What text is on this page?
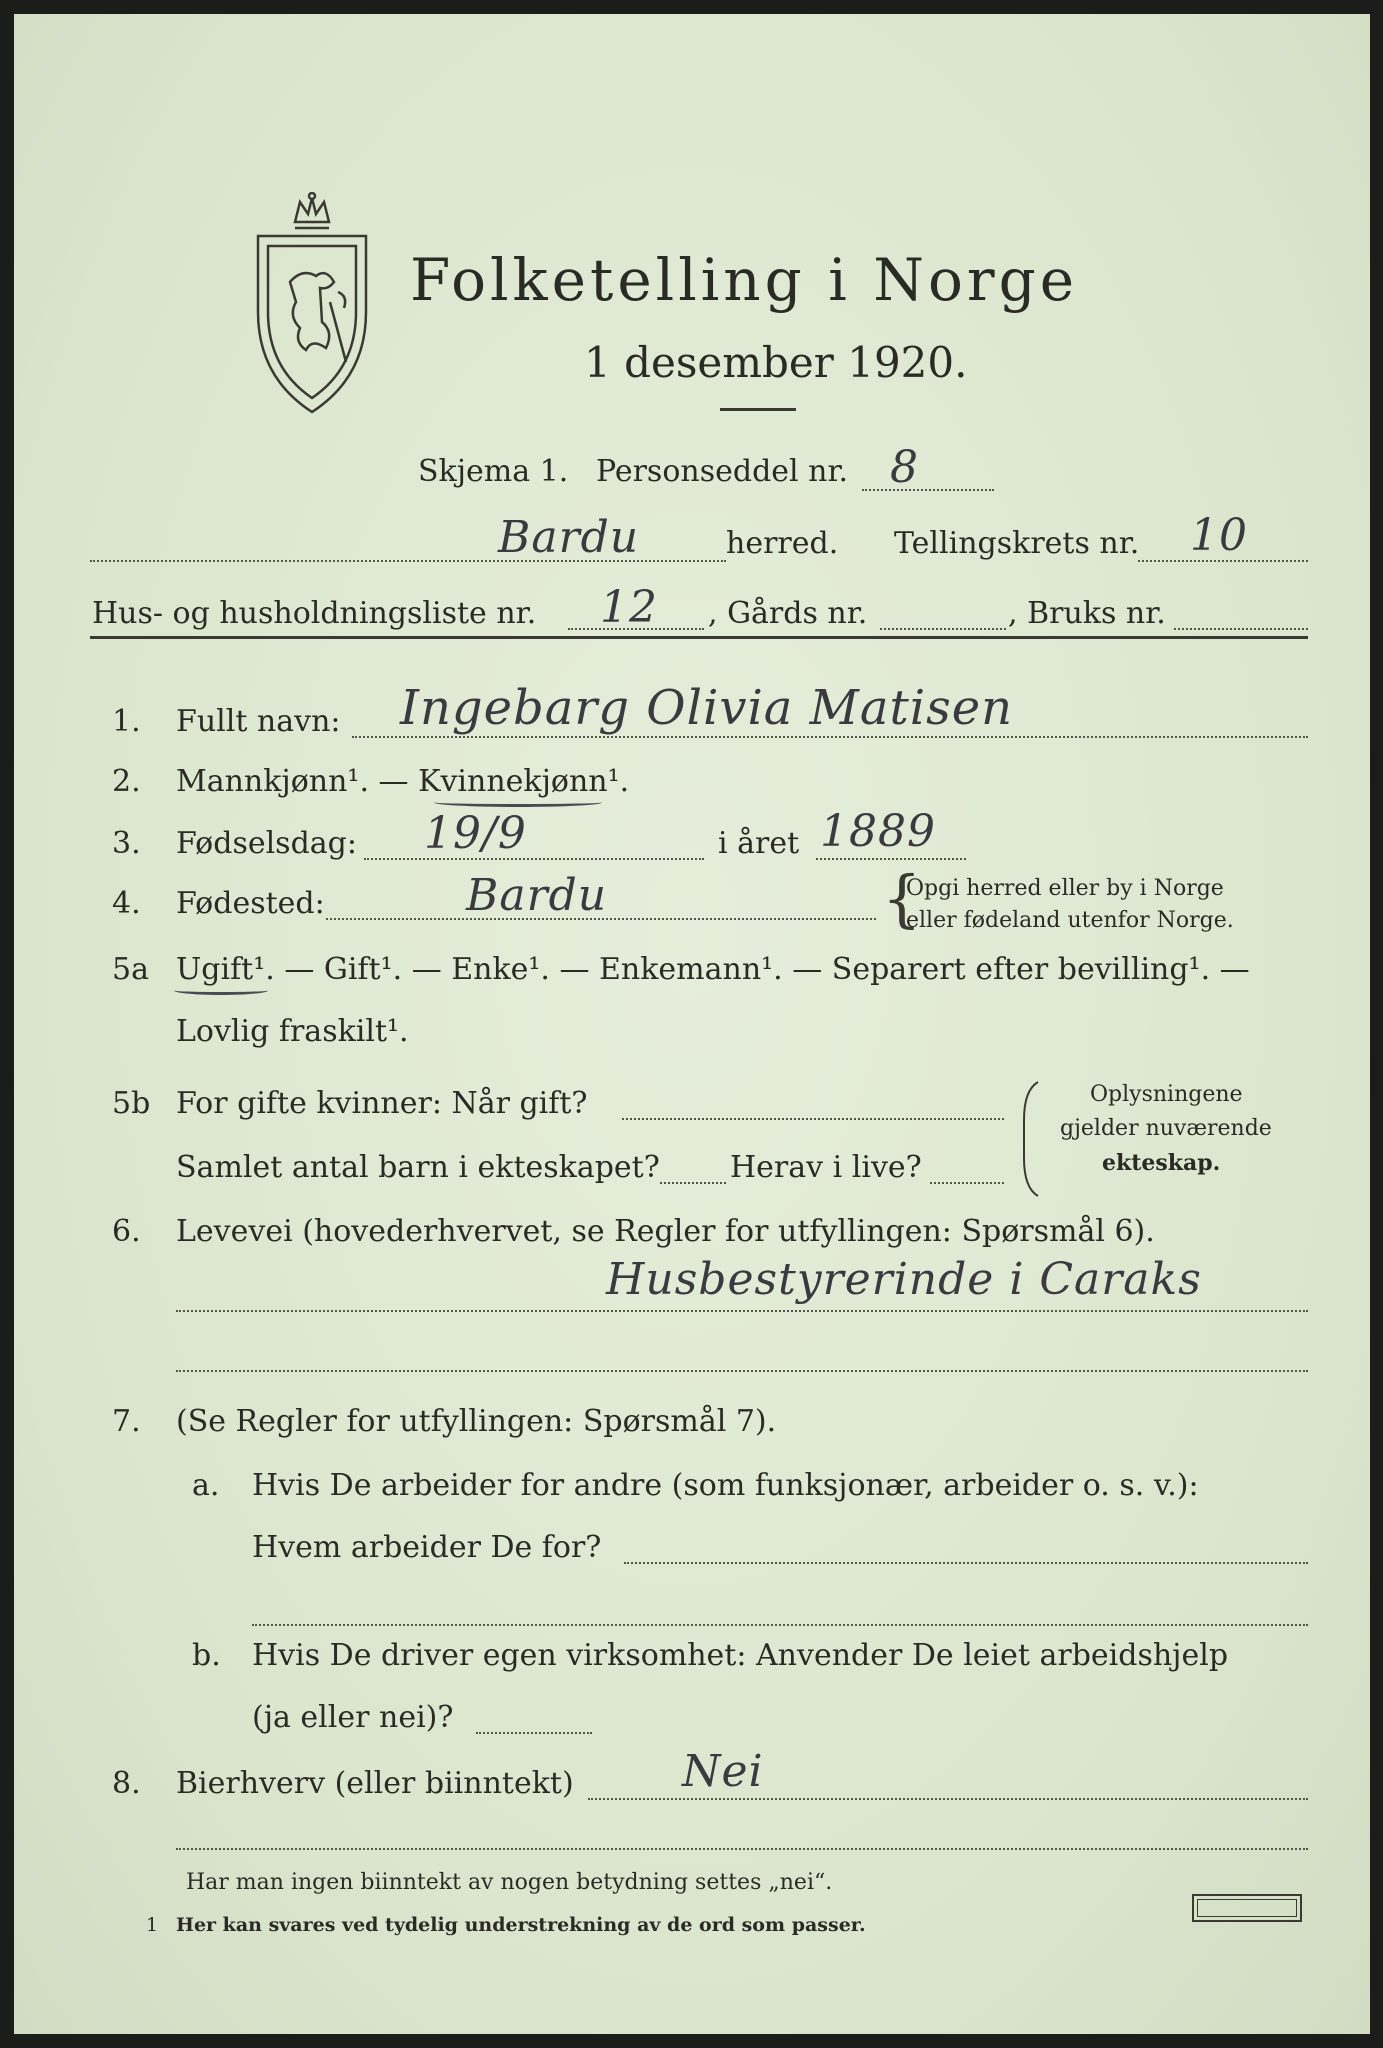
Folketelling i Norge
1 desember 1920.
Skjema 1. Personseddel nr. 8
Bardu	herred. Tellingskrets nr. 10
Hus- og husholdningsliste nr. 12 , Gårds nr.	, Bruks nr.
1. Fullt navn: Ingebarg Olivia Matisen
2. Mannkjønn¹. — Kvinnekjønn¹.
3. Fødselsdag: 19/9	i året 1889
4. Fødested:	Bardu	{
Opgi herred eller by i Norge
eller fødeland utenfor Norge.
5a Ugift¹. — Gift¹. — Enke¹. — Enkemann¹. — Separert efter bevilling¹. —
Lovlig fraskilt¹.
5b For gifte kvinner: Når gift?
Samlet antal barn i ekteskapet? Herav i live?
Oplysningene
gjelder nuværende
ekteskap.
6. Levevei (hovederhvervet, se Regler for utfyllingen: Spørsmål 6).
Husbestyrerinde i Caraks
7. (Se Regler for utfyllingen: Spørsmål 7).
a. Hvis De arbeider for andre (som funksjonær, arbeider o. s. v.):
Hvem arbeider De for?
b. Hvis De driver egen virksomhet: Anvender De leiet arbeidshjelp
(ja eller nei)?
8. Bierhverv (eller biinntekt) Nei
Har man ingen biinntekt av nogen betydning settes „nei“.
1 Her kan svares ved tydelig understrekning av de ord som passer.
